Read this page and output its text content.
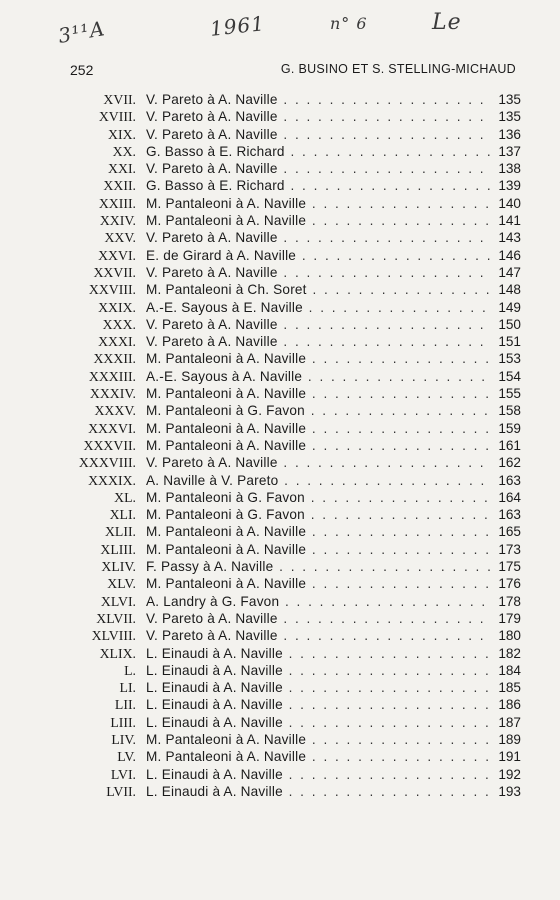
3¹¹A	1961	n° 6	Le
252	G. BUSINO ET S. STELLING-MICHAUD
XVII. V. Pareto à A. Naville . . .	135
XVIII. V. Pareto à A. Naville . . .	135
XIX. V. Pareto à A. Naville . . .	136
XX. G. Basso à E. Richard . . .	137
XXI. V. Pareto à A. Naville . . .	138
XXII. G. Basso à E. Richard . . .	139
XXIII. M. Pantaleoni à A. Naville . . .	140
XXIV. M. Pantaleoni à A. Naville . . .	141
XXV. V. Pareto à A. Naville . . .	143
XXVI. E. de Girard à A. Naville . . .	146
XXVII. V. Pareto à A. Naville . . .	147
XXVIII. M. Pantaleoni à Ch. Soret . . .	148
XXIX. A.-E. Sayous à E. Naville . . .	149
XXX. V. Pareto à A. Naville . . .	150
XXXI. V. Pareto à A. Naville . . .	151
XXXII. M. Pantaleoni à A. Naville . . .	153
XXXIII. A.-E. Sayous à A. Naville . . .	154
XXXIV. M. Pantaleoni à A. Naville . . .	155
XXXV. M. Pantaleoni à G. Favon . . .	158
XXXVI. M. Pantaleoni à A. Naville . . .	159
XXXVII. M. Pantaleoni à A. Naville . . .	161
XXXVIII. V. Pareto à A. Naville . . .	162
XXXIX. A. Naville à V. Pareto . . .	163
XL. M. Pantaleoni à G. Favon . . .	164
XLI. M. Pantaleoni à G. Favon . . .	163
XLII. M. Pantaleoni à A. Naville . . .	165
XLIII. M. Pantaleoni à A. Naville . . .	173
XLIV. F. Passy à A. Naville . . .	175
XLV. M. Pantaleoni à A. Naville . . .	176
XLVI. A. Landry à G. Favon . . .	178
XLVII. V. Pareto à A. Naville . . .	179
XLVIII. V. Pareto à A. Naville . . .	180
XLIX. L. Einaudi à A. Naville . . .	182
L. L. Einaudi à A. Naville . . .	184
LI. L. Einaudi à A. Naville . . .	185
LII. L. Einaudi à A. Naville . . .	186
LIII. L. Einaudi à A. Naville . . .	187
LIV. M. Pantaleoni à A. Naville . . .	189
LV. M. Pantaleoni à A. Naville . . .	191
LVI. L. Einaudi à A. Naville . . .	192
LVII. L. Einaudi à A. Naville . . .	193
